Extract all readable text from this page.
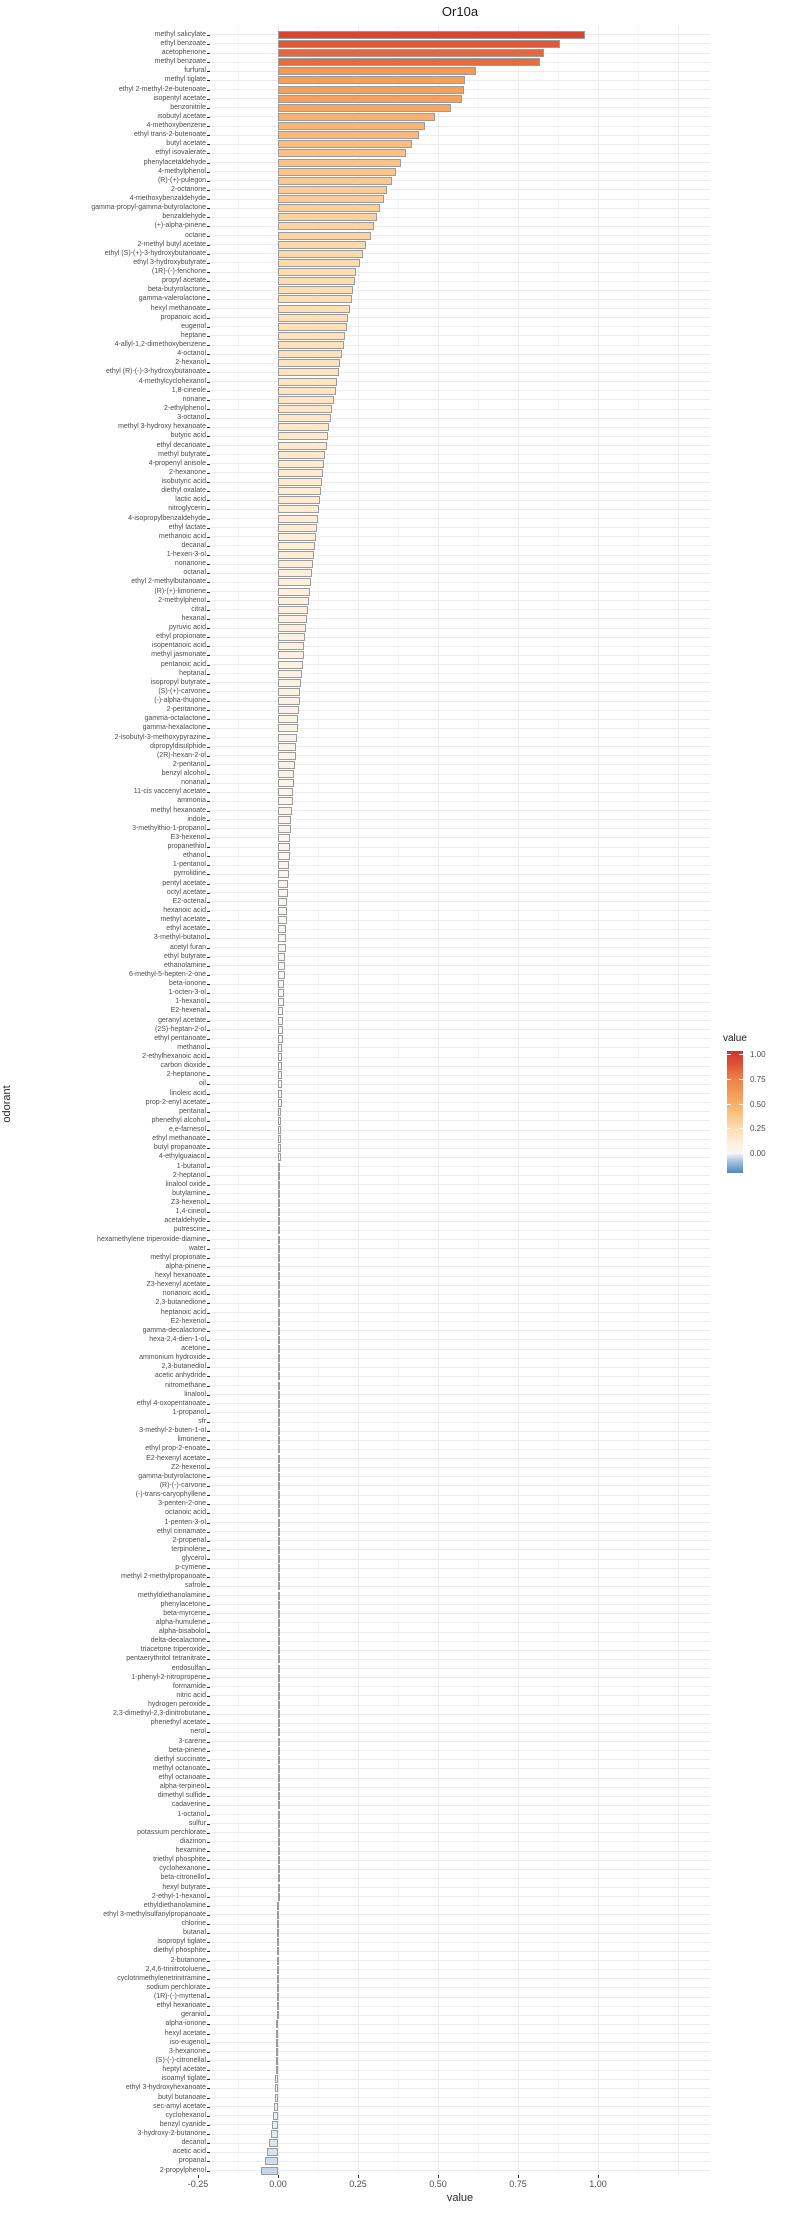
Or10a
methyl salicylate
ethyl benzoate
acetophenone
methyl benzoate
furfural
methyl tiglate
ethyl 2-methyl-2e-butenoate
isopentyl acetate
benzonitrile
isobutyl acetate
4-methoxybenzene
ethyl trans-2-butenoate
butyl acetate
ethyl isovalerate
phenylacetaldehyde
4-methylphenol
(R)-(+)-pulegon
2-octanone
4-methoxybenzaldehyde
gamma-propyl-gamma-butyrolactone
benzaldehyde
(+)-alpha-pinene
octane
2-methyl butyl acetate
ethyl (S)-(+)-3-hydroxybutanoate
ethyl 3-hydroxybutyrate
(1R)-(-)-fenchone
propyl acetate
beta-butyrolactone
gamma-valerolactone
hexyl methanoate
propanoic acid
eugenol
heptane
4-allyl-1,2-dimethoxybenzene
4-octanol
2-hexanol
ethyl (R)-(-)-3-hydroxybutanoate
4-methylcyclohexanol
1,8-cineole
nonane
2-ethylphenol
3-octanol
methyl 3-hydroxy hexanoate
butyric acid
ethyl decanoate
methyl butyrate
4-propenyl anisole
2-hexanone
isobutyric acid
diethyl oxalate
lactic acid
nitroglycerin
4-isopropylbenzaldehyde
ethyl lactate
methanoic acid
decanal
1-hexen-3-ol
nonanone
octanal
ethyl 2-methylbutanoate
(R)-(+)-limonene
2-methylphenol
citral
hexanal
pyruvic acid
ethyl propionate
isopentanoic acid
methyl jasmonate
pentanoic acid
heptanal
isopropyl butyrate
(S)-(+)-carvone
(-)-alpha-thujone
2-pentanone
gamma-octalactone
gamma-hexalactone
2-isobutyl-3-methoxypyrazine
dipropyldisulphide
(2R)-hexan-2-ol
2-pentanol
benzyl alcohol
nonanal
11-cis vaccenyl acetate
ammonia
methyl hexanoate
indole
3-methylthio-1-propanol
E3-hexenol
propanethiol
ethanol
1-pentanol
pyrrolidine
pentyl acetate
octyl acetate
E2-octenal
hexanoic acid
methyl acetate
ethyl acetate
3-methyl-butanol
acetyl furan
ethyl butyrate
ethanolamine
6-methyl-5-hepten-2-one
beta-ionone
1-octen-3-ol
1-hexanol
E2-hexenal
geranyl acetate
(2S)-heptan-2-ol
ethyl pentanoate
methanol
2-ethylhexanoic acid
carbon dioxide
2-heptanone
oil
linoleic acid
prop-2-enyl acetate
pentanal
phenethyl alcohol
e,e-farnesol
ethyl methanoate
butyl propanoate
4-ethylguaiacol
1-butanol
2-heptanol
linalool oxide
butylamine
Z3-hexenol
1,4-cineol
acetaldehyde
putrescine
hexamethylene triperoxide-diamine
water
methyl propionate
alpha-pinene
hexyl hexanoate
Z3-hexenyl acetate
nonanoic acid
2,3-butanedione
heptanoic acid
E2-hexenol
gamma-decalactone
hexa-2,4-dien-1-ol
acetone
ammonium hydroxide
2,3-butanediol
acetic anhydride
nitromethane
linalool
ethyl 4-oxopentanoate
1-propanol
sfr
3-methyl-2-buten-1-ol
limonene
ethyl prop-2-enoate
E2-hexenyl acetate
Z2-hexenol
gamma-butyrolactone
(R)-(-)-carvone
(-)-trans-caryophyllene
3-penten-2-one
octanoic acid
1-penten-3-ol
ethyl cinnamate
2-propenal
terpinolene
glycerol
p-cymene
methyl 2-methylpropanoate
safrole
methyldiethanolamine
phenylacetone
beta-myrcene
alpha-humulene
alpha-bisabolol
delta-decalactone
triacetone triperoxide
pentaerythritol tetranitrate
endosulfan
1-phenyl-2-nitropropene
formamide
nitric acid
hydrogen peroxide
2,3-dimethyl-2,3-dinitrobutane
phenethyl acetate
nerol
3-carene
beta-pinene
diethyl succinate
methyl octanoate
ethyl octanoate
alpha-terpineol
dimethyl sulfide
cadaverine
1-octanol
sulfur
potassium perchlorate
diazinon
hexamine
triethyl phosphite
cyclohexanone
beta-citronellol
hexyl butyrate
2-ethyl-1-hexanol
ethyldiethanolamine
ethyl 3-methylsulfanylpropanoate
chlorine
butanal
isopropyl tiglate
diethyl phosphite
2-butanone
2,4,6-trinitrotoluene
cyclotrimethylenetrinitramine
sodium perchlorate
(1R)-(-)-myrtenal
ethyl hexanoate
geraniol
alpha-ionone
hexyl acetate
iso-eugenol
3-hexanone
(S)-(-)-citronellal
heptyl acetate
isoamyl tiglate
ethyl 3-hydroxyhexanoate
butyl butanoate
sec-amyl acetate
cyclohexanol
benzyl cyanide
3-hydroxy-2-butanone
decanol
acetic acid
propanal
2-propylphenol
-0.25	0.00	0.25	0.50	0.75	1.00
value
odorant
value
1.00
0.75
0.50
0.25
0.00
